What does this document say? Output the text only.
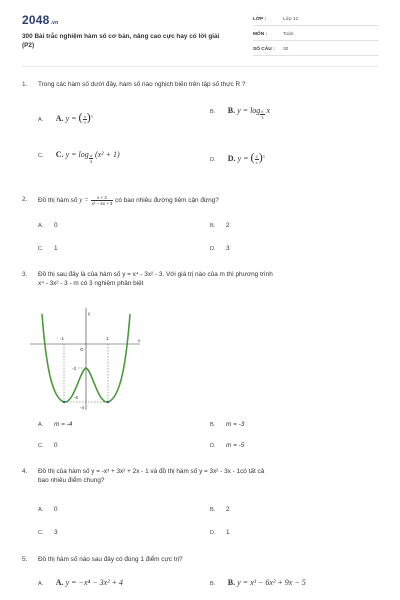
2048.vn
300 Bài trắc nghiệm hàm số cơ bản, nâng cao cực hay có lời giải (P2)
LỚP :	Lớp 12
MÔN :	Toán
SỐ CÂU : 30
1. Trong các hàm số dưới đây, hàm số nào nghịch biến trên tập số thực R ?
A. A. y = ( $\frac{\pi}{3} )^x$
B. B. $y = \log \frac{\pi}{3}$ x
C. C. $y = \log \frac{\pi}{4} (x^2 + 1)$
D. D. y = ( $\frac{2}{e} )^x$
2. Đồ thị hàm số $y = \frac{x + 2}{\text{x² − 4x + 3}}$ có bao nhiêu đường tiệm cận đứng?
A. 0	B. 2
C. 1	D. 3
3. Đồ thị sau đây là của hàm số y = x⁴ - 3x² - 3. Với giá trị nào của m thì phương trình
x⁴ - 3x² - 3 - m có 3 nghiệm phân biệt
y
x
-1	1
O
-3
-5
-4
A. m = -4	B. m = -3
C. 0	D. m = -5
4. Đồ thị của hàm số y = -x³ + 3x² + 2x - 1 và đồ thị hàm số y = 3x² - 3x - 1có tất cả
bao nhiêu điểm chung?
A. 0	B. 2
C. 3	D. 1
5. Đồ thị hàm số nào sau đây có đúng 1 điểm cực trị?
A. A. y = −x⁴ − 3x² + 4	B. B. y = x³ − 6x² + 9x − 5
